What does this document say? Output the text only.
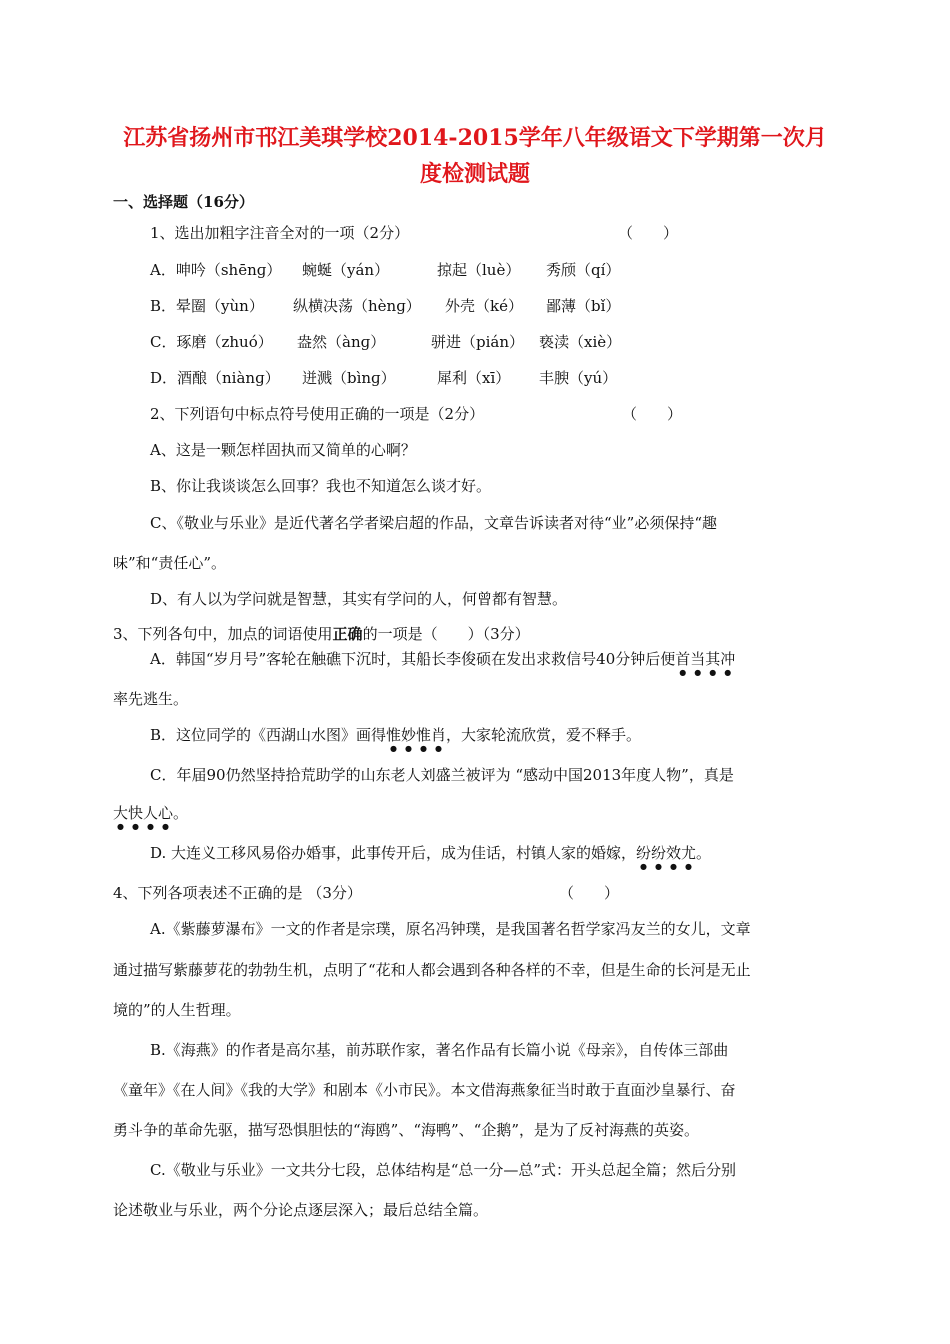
江苏省扬州市邗江美琪学校2014-2015学年八年级语文下学期第一次月
度检测试题
一、选择题（16分）
1、选出加粗字注音全对的一项（2分）	（　　）
A．呻吟（shēnɡ） 蜿蜒（yán）	掠起（luè） 秀颀（qí）
B．晕圈（yùn） 纵横决荡（hènɡ） 外壳（ké） 鄙薄（bǐ）
C．琢磨（zhuó） 盎然（ànɡ）	骈进（pián） 亵渎（xiè）
D．酒酿（niànɡ） 迸溅（bìnɡ）	犀利（xī） 丰腴（yú）
2、下列语句中标点符号使用正确的一项是（2分）	（　　）
A、这是一颗怎样固执而又简单的心啊？
B、你让我谈谈怎么回事？我也不知道怎么谈才好。
C、《敬业与乐业》是近代著名学者梁启超的作品，文章告诉读者对待“业”必须保持“趣
味”和“责任心”。
D、有人以为学问就是智慧，其实有学问的人，何曾都有智慧。
3、下列各句中，加点的词语使用正确的一项是（　　）（3分）
A．韩国“岁月号”客轮在触礁下沉时，其船长李俊硕在发出求救信号40分钟后便首当其冲
率先逃生。
B．这位同学的《西湖山水图》画得惟妙惟肖，大家轮流欣赏，爱不释手。
C．年届90仍然坚持拾荒助学的山东老人刘盛兰被评为 “感动中国2013年度人物”，真是
大快人心。
D. 大连义工移风易俗办婚事，此事传开后，成为佳话，村镇人家的婚嫁，纷纷效尤。
4、下列各项表述不正确的是 （3分）	（　　）
A.《紫藤萝瀑布》一文的作者是宗璞，原名冯钟璞，是我国著名哲学家冯友兰的女儿，文章
通过描写紫藤萝花的勃勃生机，点明了“花和人都会遇到各种各样的不幸，但是生命的长河是无止
境的”的人生哲理。
B.《海燕》的作者是高尔基，前苏联作家，著名作品有长篇小说《母亲》，自传体三部曲
《童年》《在人间》《我的大学》和剧本《小市民》。本文借海燕象征当时敢于直面沙皇暴行、奋
勇斗争的革命先驱，描写恐惧胆怯的“海鸥”、“海鸭”、“企鹅”，是为了反衬海燕的英姿。
C.《敬业与乐业》一文共分七段，总体结构是“总一分—总”式：开头总起全篇；然后分别
论述敬业与乐业，两个分论点逐层深入；最后总结全篇。
